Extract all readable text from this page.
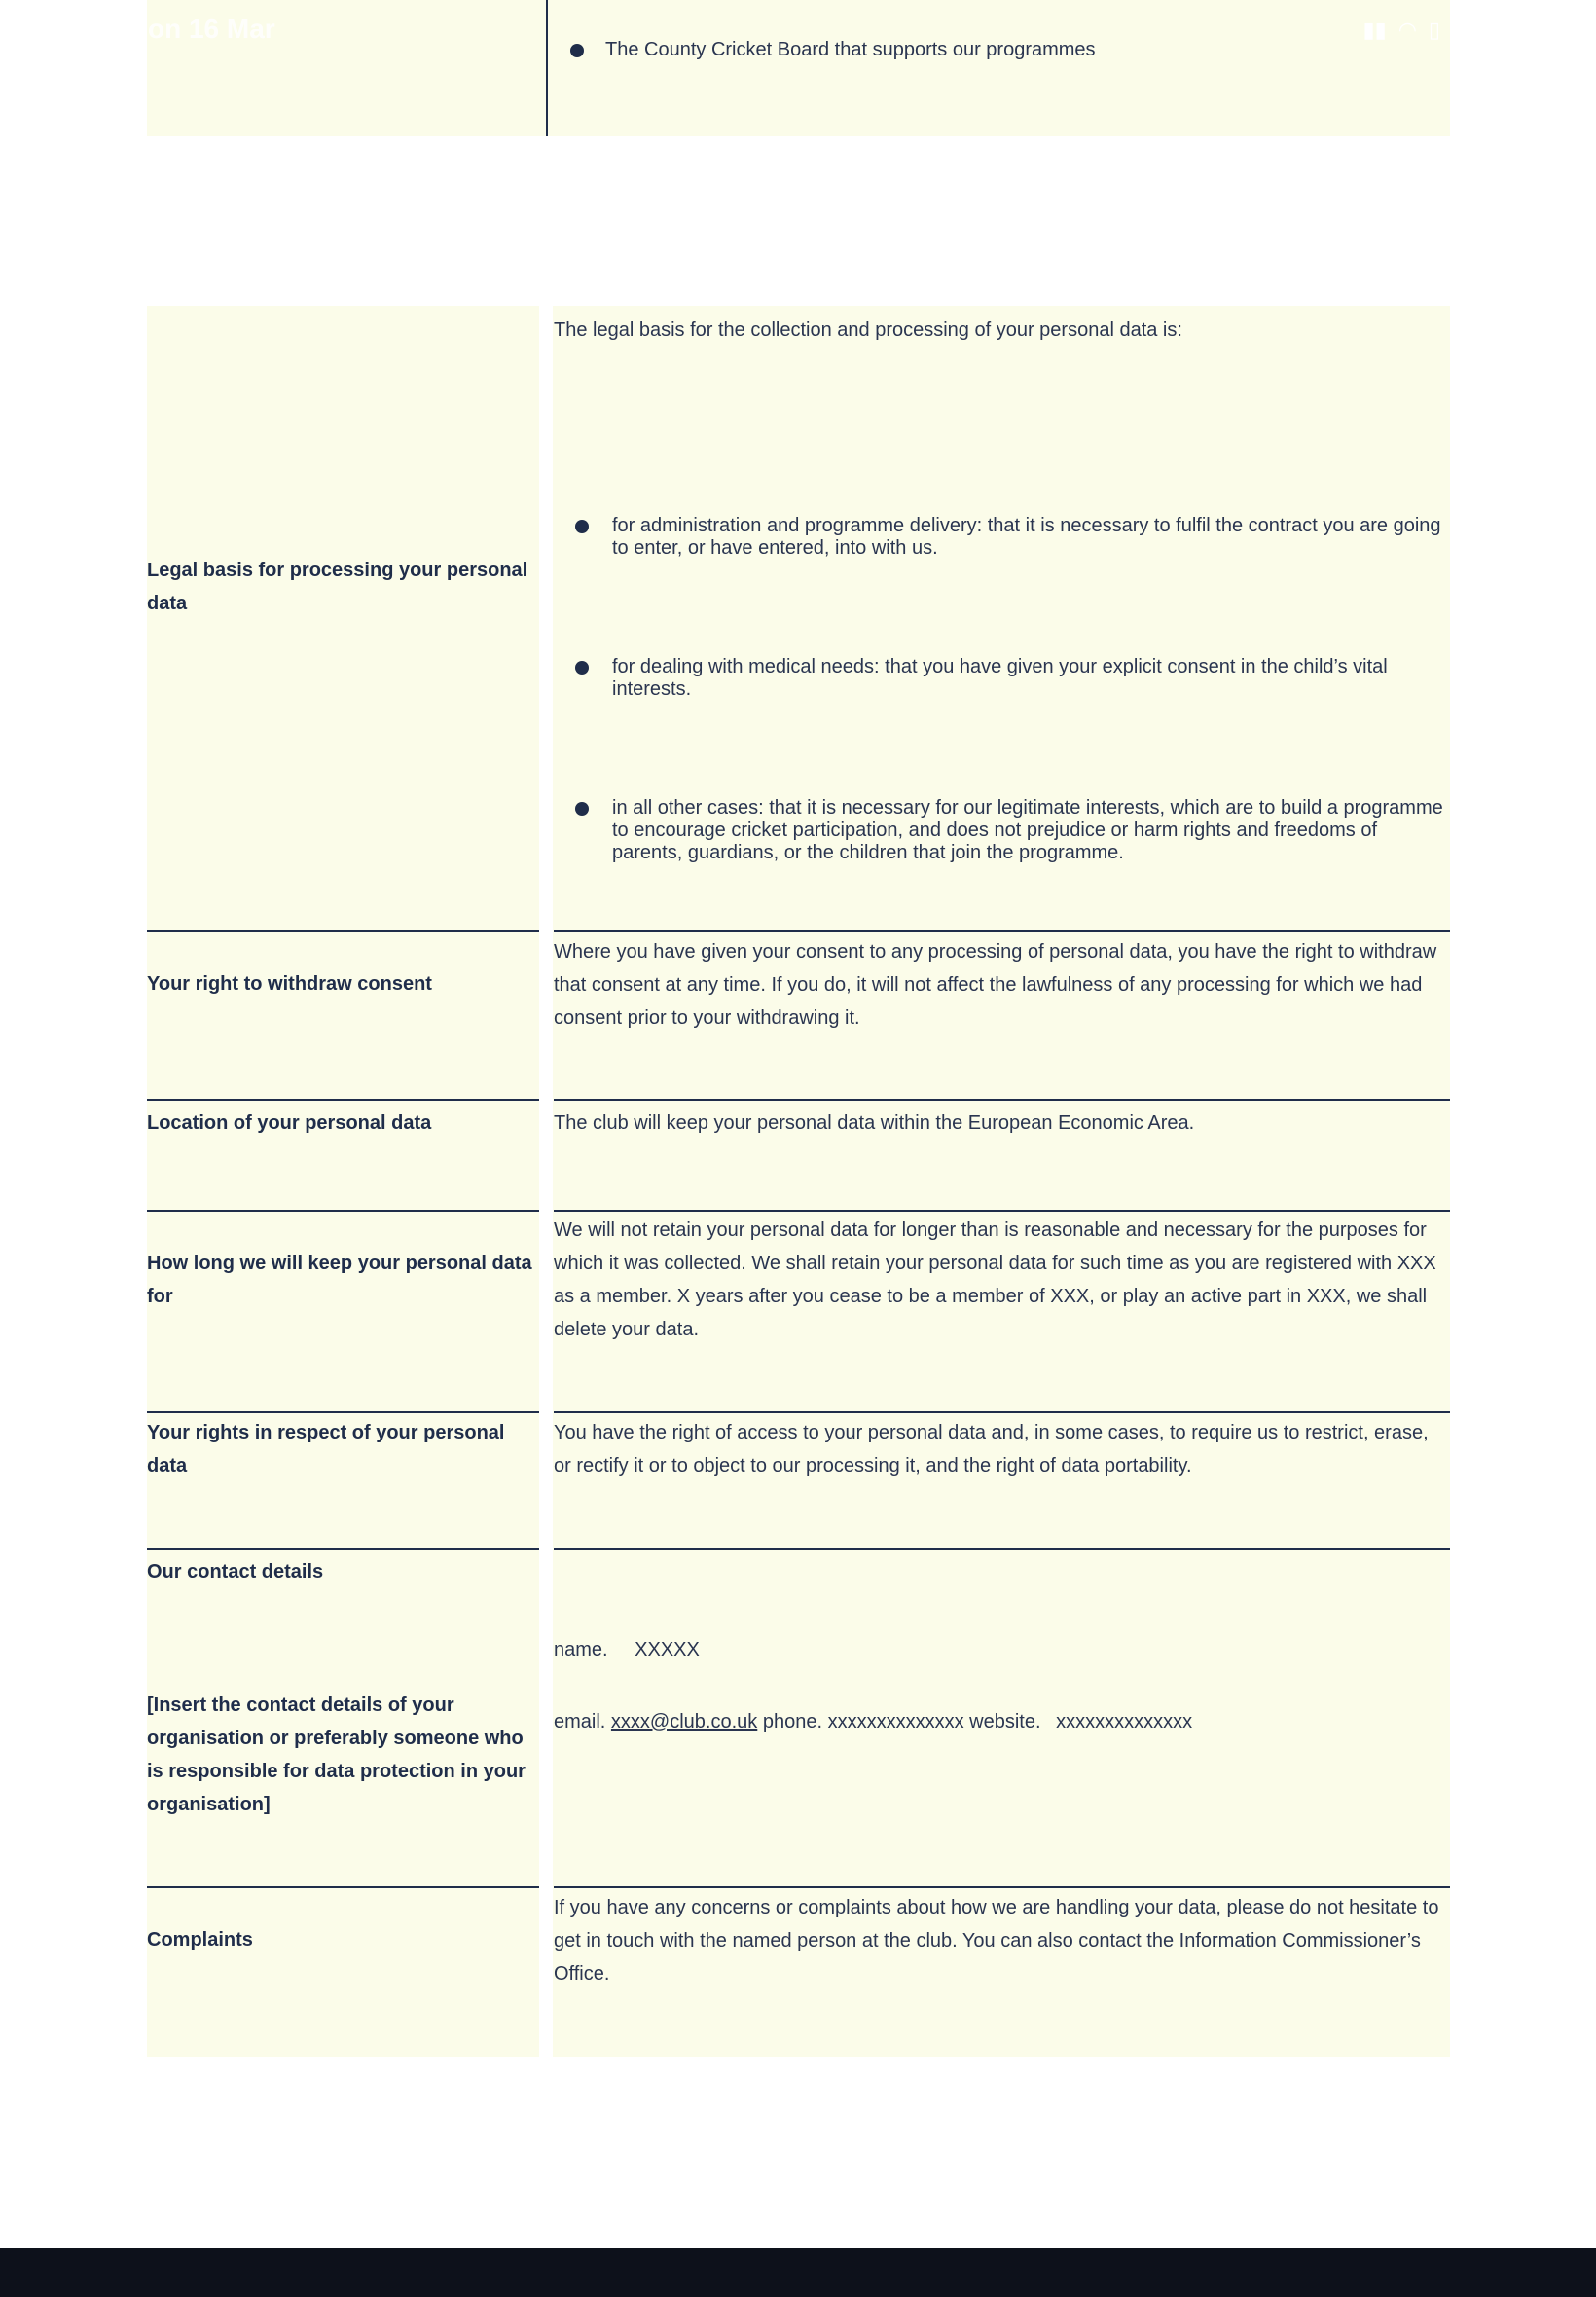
on 16 Mar	▮▮ ◠ ▯
The County Cricket Board that supports our programmes
Legal basis for processing your personal data
The legal basis for the collection and processing of your personal data is:
for administration and programme delivery: that it is necessary to fulfil the contract you are going to enter, or have entered, into with us.
for dealing with medical needs: that you have given your explicit consent in the child’s vital interests.
in all other cases: that it is necessary for our legitimate interests, which are to build a programme to encourage cricket participation, and does not prejudice or harm rights and freedoms of parents, guardians, or the children that join the programme.
Your right to withdraw consent
Where you have given your consent to any processing of personal data, you have the right to withdraw that consent at any time. If you do, it will not affect the lawfulness of any processing for which we had consent prior to your withdrawing it.
Location of your personal data	The club will keep your personal data within the European Economic Area.
How long we will keep your personal data for
We will not retain your personal data for longer than is reasonable and necessary for the purposes for which it was collected. We shall retain your personal data for such time as you are registered with XXX as a member. X years after you cease to be a member of XXX, or play an active part in XXX, we shall delete your data.
Your rights in respect of your personal data
You have the right of access to your personal data and, in some cases, to require us to restrict, erase, or rectify it or to object to our processing it, and the right of data portability.
Our contact details
[Insert the contact details of your organisation or preferably someone who is responsible for data protection in your organisation]
name. XXXXX
email. xxxx@club.co.uk phone. xxxxxxxxxxxxxx website. xxxxxxxxxxxxxx
Complaints
If you have any concerns or complaints about how we are handling your data, please do not hesitate to get in touch with the named person at the club. You can also contact the Information Commissioner’s Office.
